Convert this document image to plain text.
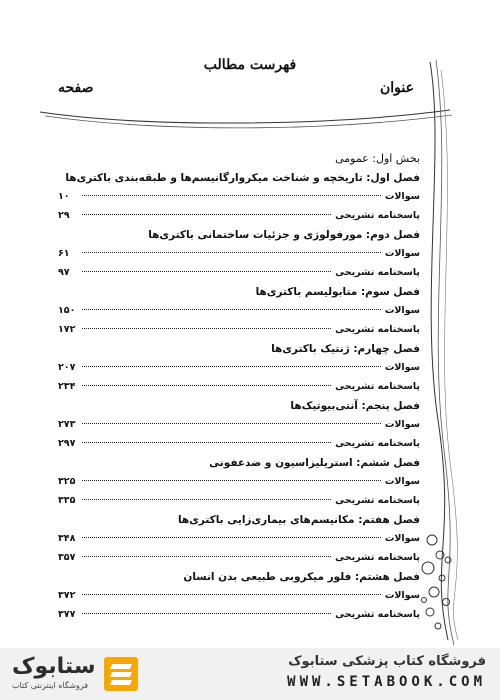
فهرست مطالب
عنوان
صفحه
بخش اول: عمومی
فصل اول: تاریخچه و شناخت میکروارگانیسم‌ها و طبقه‌بندی باکتری‌ها
سوالات
۱۰
پاسخنامه تشریحی
۲۹
فصل دوم: مورفولوژی و جزئیات ساختمانی باکتری‌ها
سوالات
۶۱
پاسخنامه تشریحی
۹۷
فصل سوم: متابولیسم باکتری‌ها
سوالات
۱۵۰
پاسخنامه تشریحی
۱۷۲
فصل چهارم: ژنتیک باکتری‌ها
سوالات
۲۰۷
پاسخنامه تشریحی
۲۳۴
فصل پنجم: آنتی‌بیوتیک‌ها
سوالات
۲۷۳
پاسخنامه تشریحی
۲۹۷
فصل ششم: استریلیزاسیون و ضدعفونی
سوالات
۳۲۵
پاسخنامه تشریحی
۳۳۵
فصل هفتم: مکانیسم‌های بیماری‌زایی باکتری‌ها
سوالات
۳۴۸
پاسخنامه تشریحی
۳۵۷
فصل هشتم: فلور میکروبی طبیعی بدن انسان
سوالات
۳۷۲
پاسخنامه تشریحی
۳۷۷
ستابوک
فروشگاه اینترنتی کتاب
فروشگاه کتاب پزشکی ستابوک
WWW.SETABOOK.COM
